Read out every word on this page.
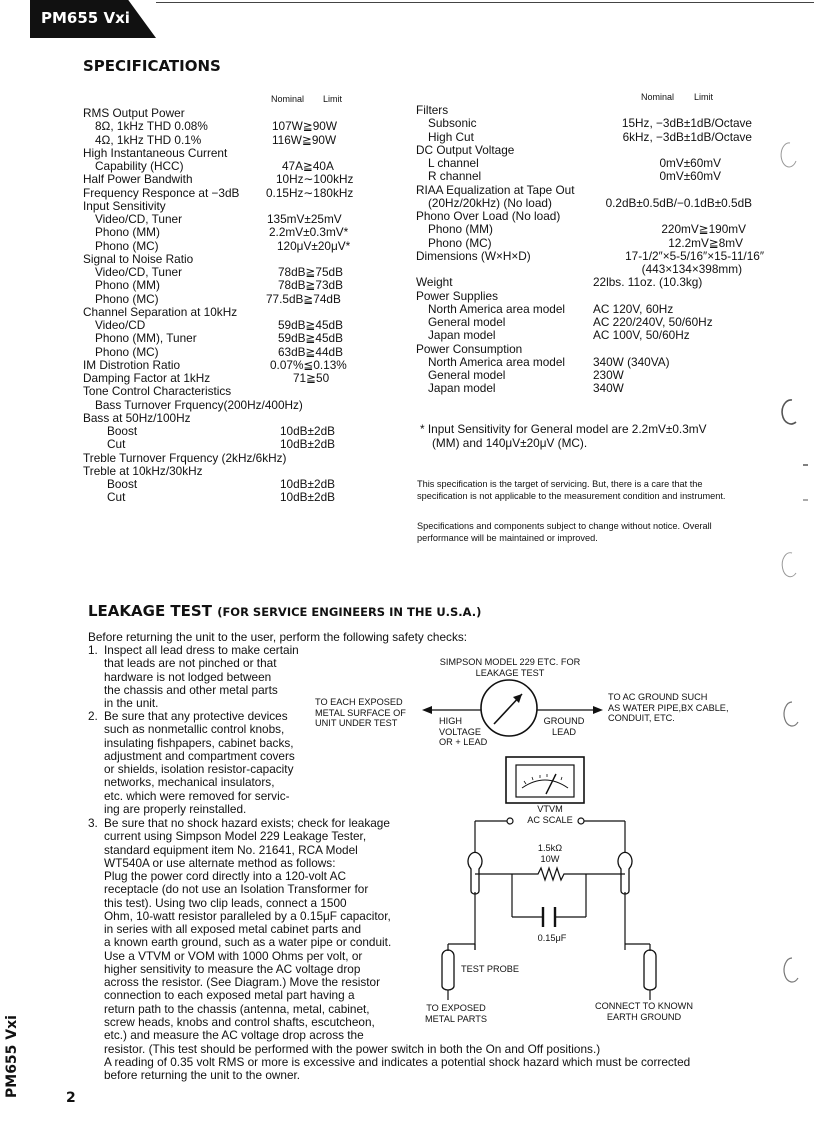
PM655 Vxi
SPECIFICATIONS
Nominal Limit	Nominal Limit
RMS Output Power
8Ω, 1kHz THD 0.08%	107W≧90W
4Ω, 1kHz THD 0.1%	116W≧90W
High Instantaneous Current
Capability (HCC)	47A≧40A
Half Power Bandwith	10Hz∼100kHz
Frequency Responce at −3dB 0.15Hz∼180kHz
Input Sensitivity
Video/CD, Tuner	135mV±25mV
Phono (MM)	2.2mV±0.3mV*
Phono (MC)	120μV±20μV*
Signal to Noise Ratio
Video/CD, Tuner	78dB≧75dB
Phono (MM)	78dB≧73dB
Phono (MC)	77.5dB≧74dB
Channel Separation at 10kHz
Video/CD	59dB≧45dB
Phono (MM), Tuner	59dB≧45dB
Phono (MC)	63dB≧44dB
IM Distrotion Ratio	0.07%≦0.13%
Damping Factor at 1kHz	71≧50
Tone Control Characteristics
Bass Turnover Frquency(200Hz/400Hz)
Bass at 50Hz/100Hz
Boost	10dB±2dB
Cut	10dB±2dB
Treble Turnover Frquency (2kHz/6kHz)
Treble at 10kHz/30kHz
Boost	10dB±2dB
Cut	10dB±2dB
Filters
Subsonic	15Hz, −3dB±1dB/Octave
High Cut	6kHz, −3dB±1dB/Octave
DC Output Voltage
L channel	0mV±60mV
R channel	0mV±60mV
RIAA Equalization at Tape Out
(20Hz/20kHz) (No load)	0.2dB±0.5dB/−0.1dB±0.5dB
Phono Over Load (No load)
Phono (MM)	220mV≧190mV
Phono (MC)	12.2mV≧8mV
Dimensions (W×H×D)	17-1/2″×5-5/16″×15-11/16″
(443×134×398mm)
Weight	22lbs. 11oz. (10.3kg)
Power Supplies
North America area model AC 120V, 60Hz
General model	AC 220/240V, 50/60Hz
Japan model	AC 100V, 50/60Hz
Power Consumption
North America area model 340W (340VA)
General model	230W
Japan model	340W
* Input Sensitivity for General model are 2.2mV±0.3mV
(MM) and 140μV±20μV (MC).
This specification is the target of servicing. But, there is a care that the specification is not applicable to the measurement condition and instrument.
Specifications and components subject to change without notice. Overall performance will be maintained or improved.
LEAKAGE TEST (FOR SERVICE ENGINEERS IN THE U.S.A.)
Before returning the unit to the user, perform the following safety checks:
1. Inspect all lead dress to make certain
that leads are not pinched or that
hardware is not lodged between
the chassis and other metal parts
in the unit.
2. Be sure that any protective devices
such as nonmetallic control knobs,
insulating fishpapers, cabinet backs,
adjustment and compartment covers
or shields, isolation resistor-capacity
networks, mechanical insulators,
etc. which were removed for servic-
ing are properly reinstalled.
3. Be sure that no shock hazard exists; check for leakage
current using Simpson Model 229 Leakage Tester,
standard equipment item No. 21641, RCA Model
WT540A or use alternate method as follows:
Plug the power cord directly into a 120-volt AC
receptacle (do not use an Isolation Transformer for
this test). Using two clip leads, connect a 1500
Ohm, 10-watt resistor paralleled by a 0.15μF capacitor,
in series with all exposed metal cabinet parts and
a known earth ground, such as a water pipe or conduit.
Use a VTVM or VOM with 1000 Ohms per volt, or
higher sensitivity to measure the AC voltage drop
across the resistor. (See Diagram.) Move the resistor
connection to each exposed metal part having a
return path to the chassis (antenna, metal, cabinet,
screw heads, knobs and control shafts, escutcheon,
etc.) and measure the AC voltage drop across the
resistor. (This test should be performed with the power switch in both the On and Off positions.)
A reading of 0.35 volt RMS or more is excessive and indicates a potential shock hazard which must be corrected
before returning the unit to the owner.
SIMPSON MODEL 229 ETC. FOR
LEAKAGE TEST
TO EACH EXPOSED
METAL SURFACE OF
UNIT UNDER TEST
TO AC GROUND SUCH
AS WATER PIPE,BX CABLE,
CONDUIT, ETC.
HIGH
VOLTAGE
OR + LEAD
GROUND
LEAD
VTVM
AC SCALE
1.5kΩ
10W
0.15μF
TEST PROBE
TO EXPOSED
METAL PARTS
CONNECT TO KNOWN
EARTH GROUND
2
PM655 Vxi
